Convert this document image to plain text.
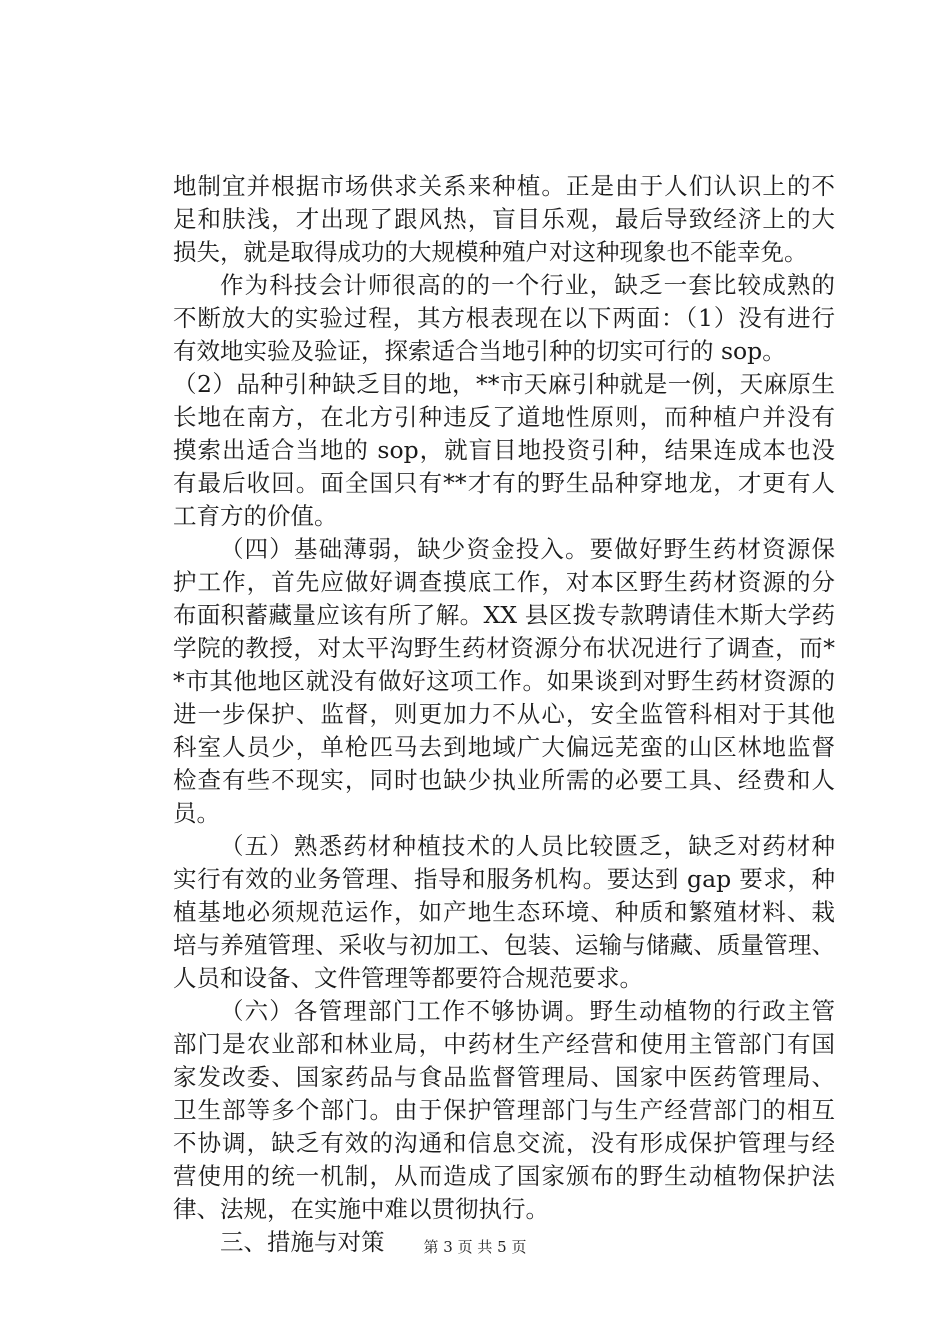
地制宜并根据市场供求关系来种植。正是由于人们认识上的不
足和肤浅，才出现了跟风热，盲目乐观，最后导致经济上的大
损失，就是取得成功的大规模种殖户对这种现象也不能幸免。
作为科技会计师很高的的一个行业，缺乏一套比较成熟的
不断放大的实验过程，其方根表现在以下两面：（1）没有进行
有效地实验及验证，探索适合当地引种的切实可行的 sop。
（2）品种引种缺乏目的地，**市天麻引种就是一例，天麻原生
长地在南方，在北方引种违反了道地性原则，而种植户并没有
摸索出适合当地的 sop，就盲目地投资引种，结果连成本也没
有最后收回。面全国只有**才有的野生品种穿地龙，才更有人
工育方的价值。
（四）基础薄弱，缺少资金投入。要做好野生药材资源保
护工作，首先应做好调查摸底工作，对本区野生药材资源的分
布面积蓄藏量应该有所了解。XX 县区拨专款聘请佳木斯大学药
学院的教授，对太平沟野生药材资源分布状况进行了调查，而*
*市其他地区就没有做好这项工作。如果谈到对野生药材资源的
进一步保护、监督，则更加力不从心，安全监管科相对于其他
科室人员少，单枪匹马去到地域广大偏远芜蛮的山区林地监督
检查有些不现实，同时也缺少执业所需的必要工具、经费和人
员。
（五）熟悉药材种植技术的人员比较匮乏，缺乏对药材种
实行有效的业务管理、指导和服务机构。要达到 gap 要求，种
植基地必须规范运作，如产地生态环境、种质和繁殖材料、栽
培与养殖管理、采收与初加工、包装、运输与储藏、质量管理、
人员和设备、文件管理等都要符合规范要求。
（六）各管理部门工作不够协调。野生动植物的行政主管
部门是农业部和林业局，中药材生产经营和使用主管部门有国
家发改委、国家药品与食品监督管理局、国家中医药管理局、
卫生部等多个部门。由于保护管理部门与生产经营部门的相互
不协调，缺乏有效的沟通和信息交流，没有形成保护管理与经
营使用的统一机制，从而造成了国家颁布的野生动植物保护法
律、法规，在实施中难以贯彻执行。
三、措施与对策	第 3 页 共 5 页
